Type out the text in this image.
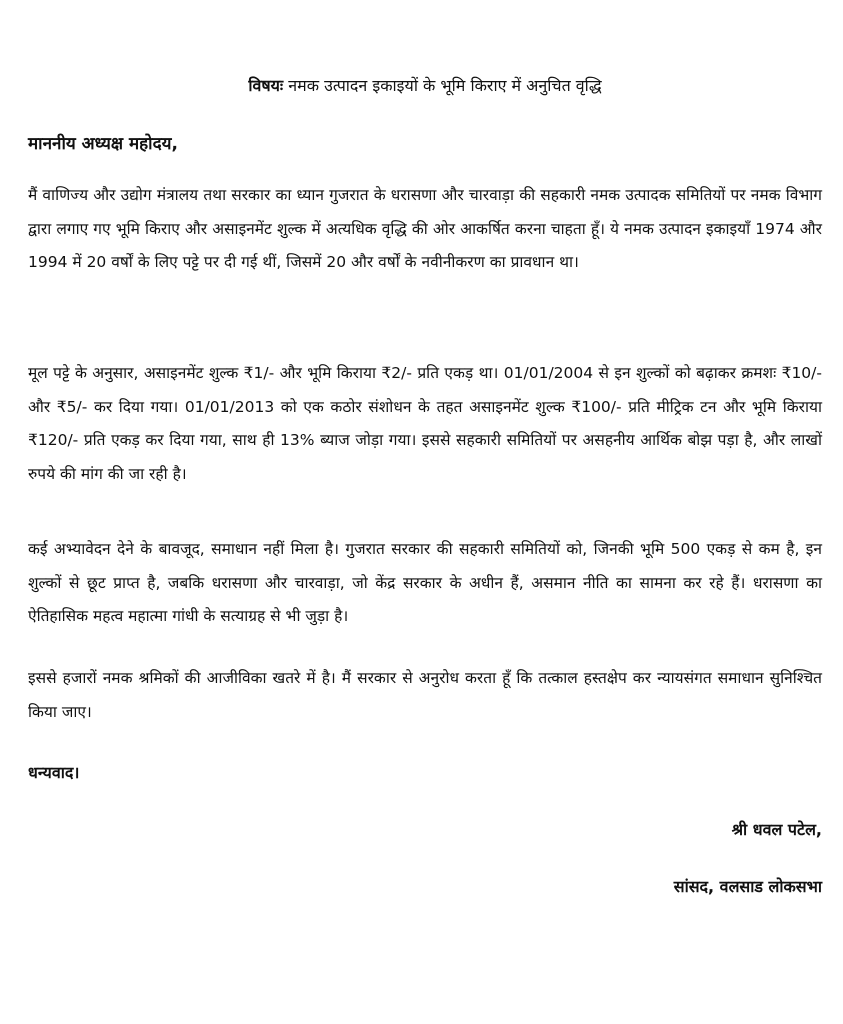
विषयः नमक उत्पादन इकाइयों के भूमि किराए में अनुचित वृद्धि
माननीय अध्यक्ष महोदय,

मैं वाणिज्य और उद्योग मंत्रालय तथा सरकार का ध्यान गुजरात के धरासणा और चारवाड़ा की सहकारी नमक उत्पादक समितियों पर नमक विभाग द्वारा लगाए गए भूमि किराए और असाइनमेंट शुल्क में अत्यधिक वृद्धि की ओर आकर्षित करना चाहता हूँ। ये नमक उत्पादन इकाइयाँ 1974 और 1994 में 20 वर्षों के लिए पट्टे पर दी गई थीं, जिसमें 20 और वर्षों के नवीनीकरण का प्रावधान था।

मूल पट्टे के अनुसार, असाइनमेंट शुल्क ₹1/- और भूमि किराया ₹2/- प्रति एकड़ था। 01/01/2004 से इन शुल्कों को बढ़ाकर क्रमशः ₹10/- और ₹5/- कर दिया गया। 01/01/2013 को एक कठोर संशोधन के तहत असाइनमेंट शुल्क ₹100/- प्रति मीट्रिक टन और भूमि किराया ₹120/- प्रति एकड़ कर दिया गया, साथ ही 13% ब्याज जोड़ा गया। इससे सहकारी समितियों पर असहनीय आर्थिक बोझ पड़ा है, और लाखों रुपये की मांग की जा रही है।

कई अभ्यावेदन देने के बावजूद, समाधान नहीं मिला है। गुजरात सरकार की सहकारी समितियों को, जिनकी भूमि 500 एकड़ से कम है, इन शुल्कों से छूट प्राप्त है, जबकि धरासणा और चारवाड़ा, जो केंद्र सरकार के अधीन हैं, असमान नीति का सामना कर रहे हैं। धरासणा का ऐतिहासिक महत्व महात्मा गांधी के सत्याग्रह से भी जुड़ा है।

इससे हजारों नमक श्रमिकों की आजीविका खतरे में है। मैं सरकार से अनुरोध करता हूँ कि तत्काल हस्तक्षेप कर न्यायसंगत समाधान सुनिश्चित किया जाए।

धन्यवाद।
श्री धवल पटेल,
सांसद, वलसाड लोकसभा
